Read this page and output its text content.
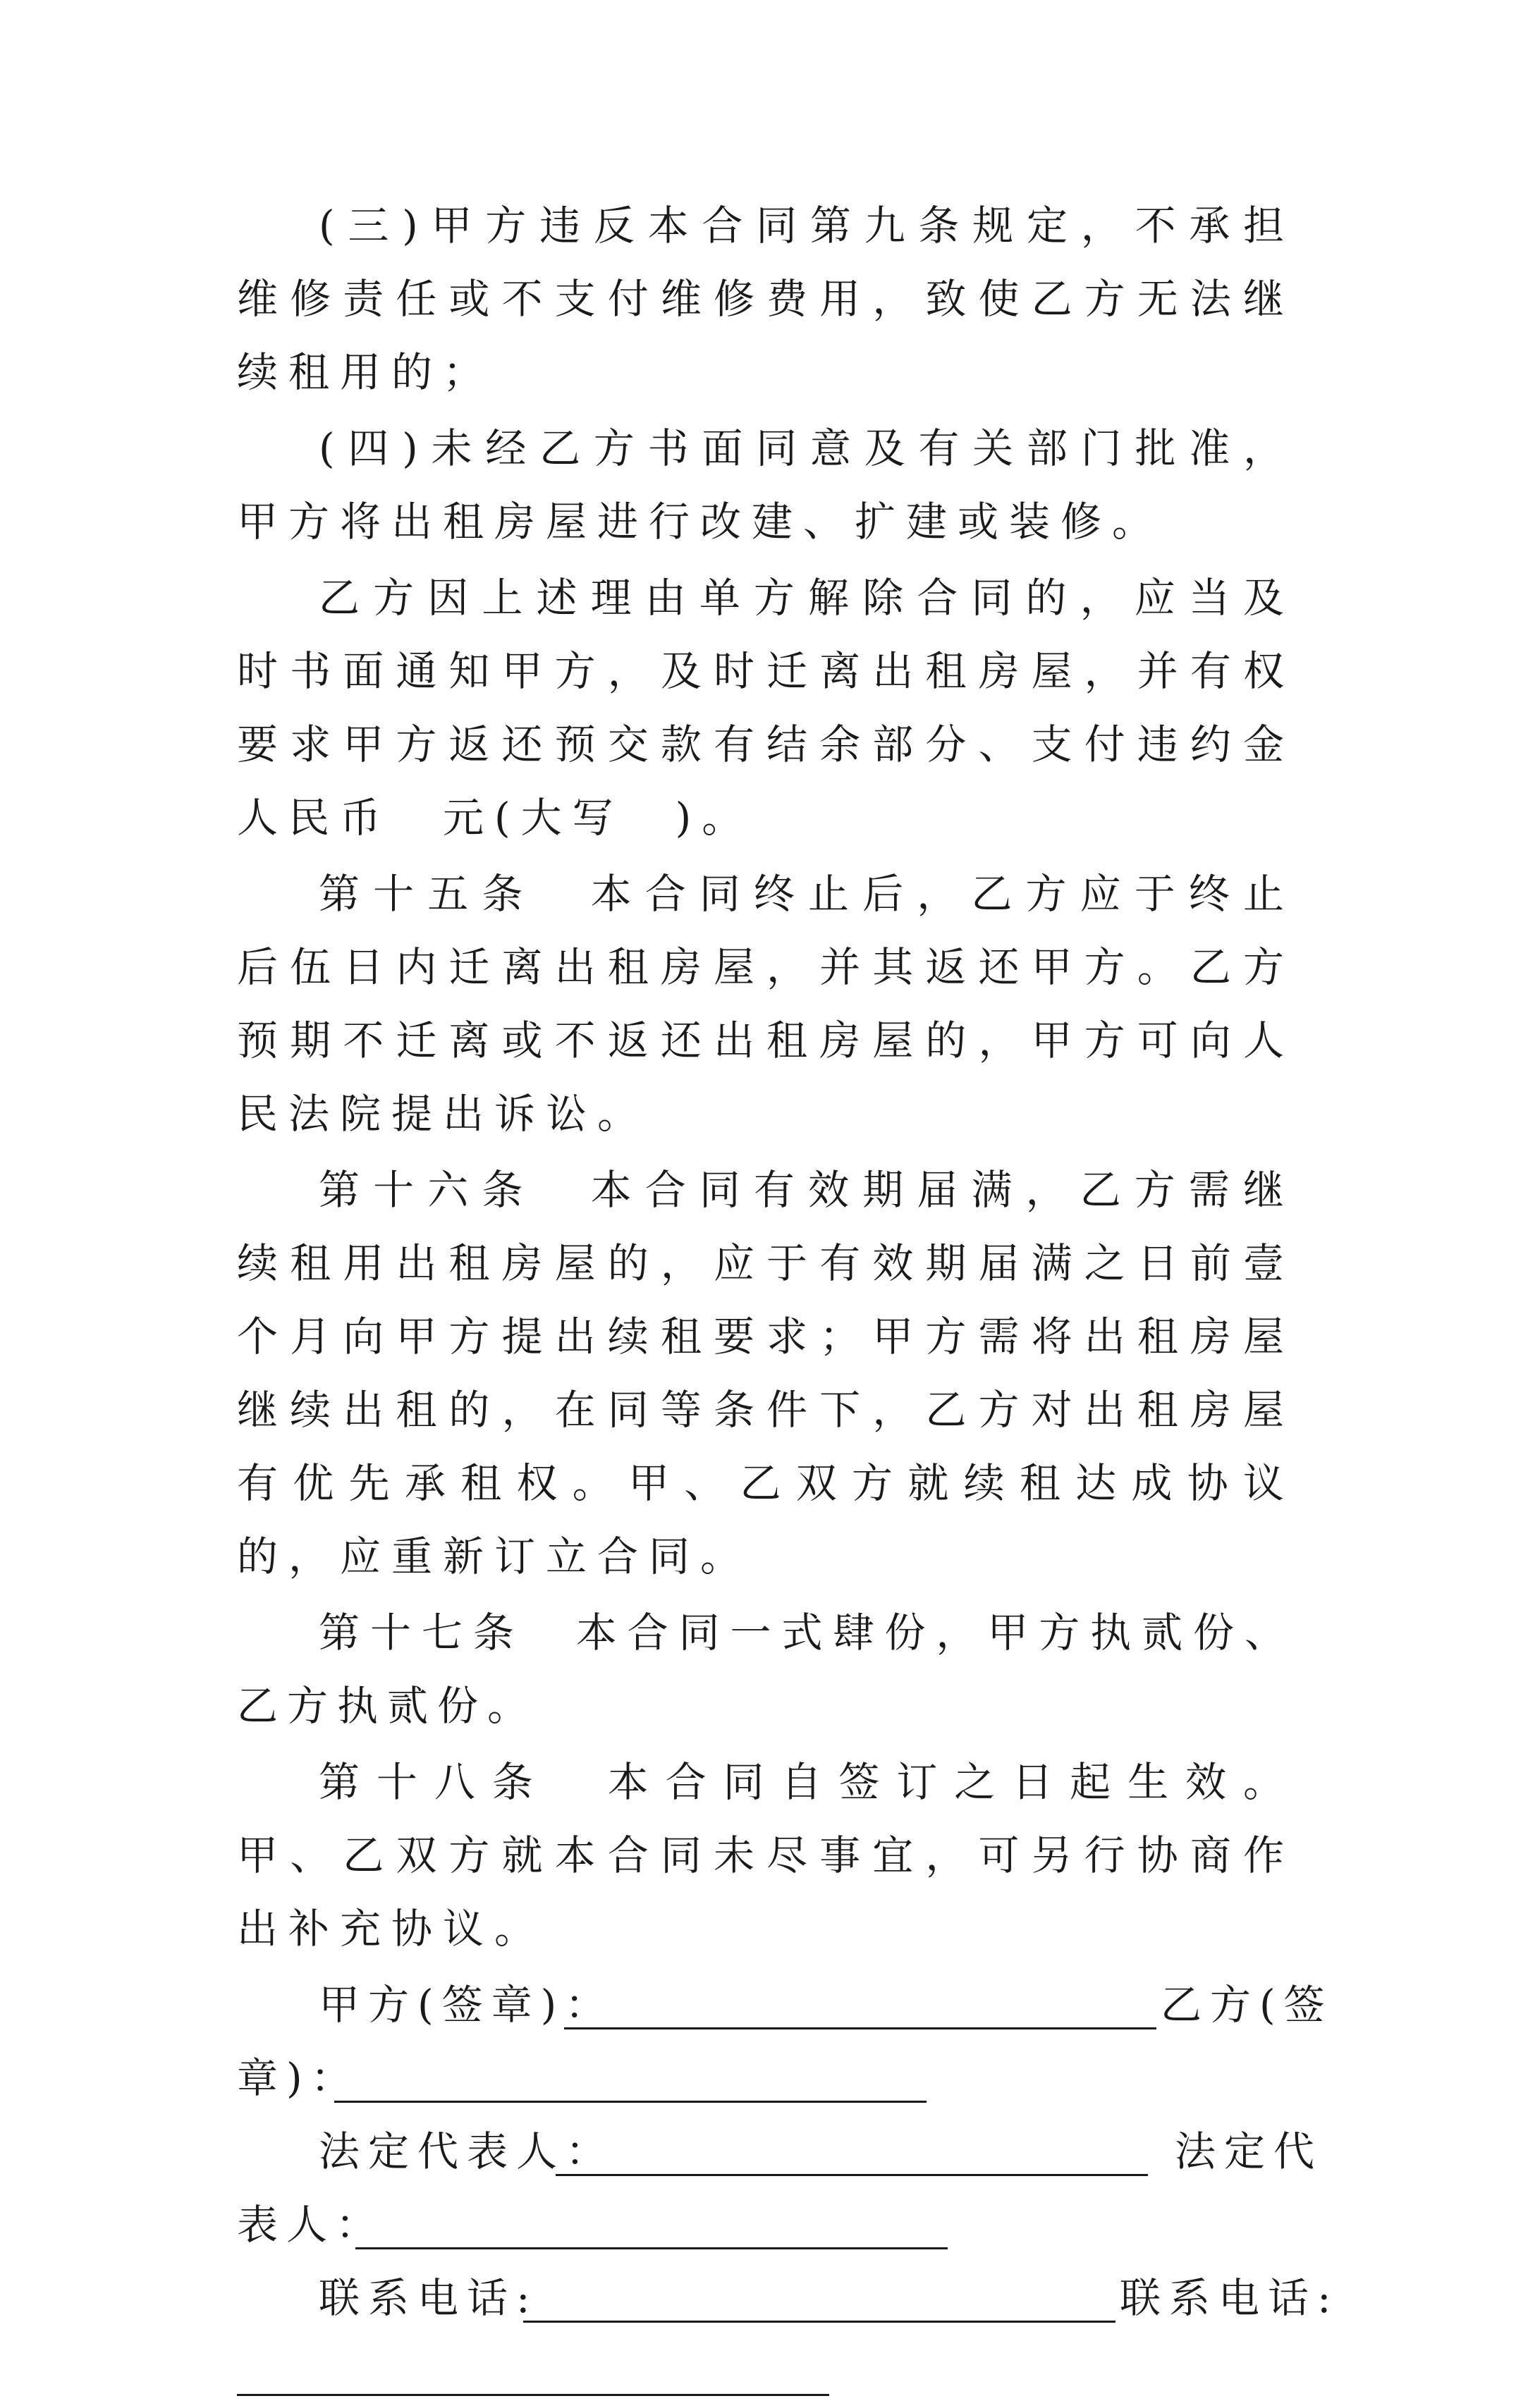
(三)甲方违反本合同第九条规定，不承担维修责任或不支付维修费用，致使乙方无法继续租用的；

(四)未经乙方书面同意及有关部门批准，甲方将出租房屋进行改建、扩建或装修。

乙方因上述理由单方解除合同的，应当及时书面通知甲方，及时迁离出租房屋，并有权要求甲方返还预交款有结余部分、支付违约金人民币　元(大写　)。

第十五条　本合同终止后，乙方应于终止后伍日内迁离出租房屋，并其返还甲方。乙方预期不迁离或不返还出租房屋的，甲方可向人民法院提出诉讼。

第十六条　本合同有效期届满，乙方需继续租用出租房屋的，应于有效期届满之日前壹个月向甲方提出续租要求；甲方需将出租房屋继续出租的，在同等条件下，乙方对出租房屋有优先承租权。甲、乙双方就续租达成协议的，应重新订立合同。

第十七条　本合同一式肆份，甲方执贰份、乙方执贰份。

第十八条　本合同自签订之日起生效。甲、乙双方就本合同未尽事宜，可另行协商作出补充协议。

甲方(签章)：	乙方(签
章)：
法定代表人：	法定代
表人：
联系电话:	联系电话:
